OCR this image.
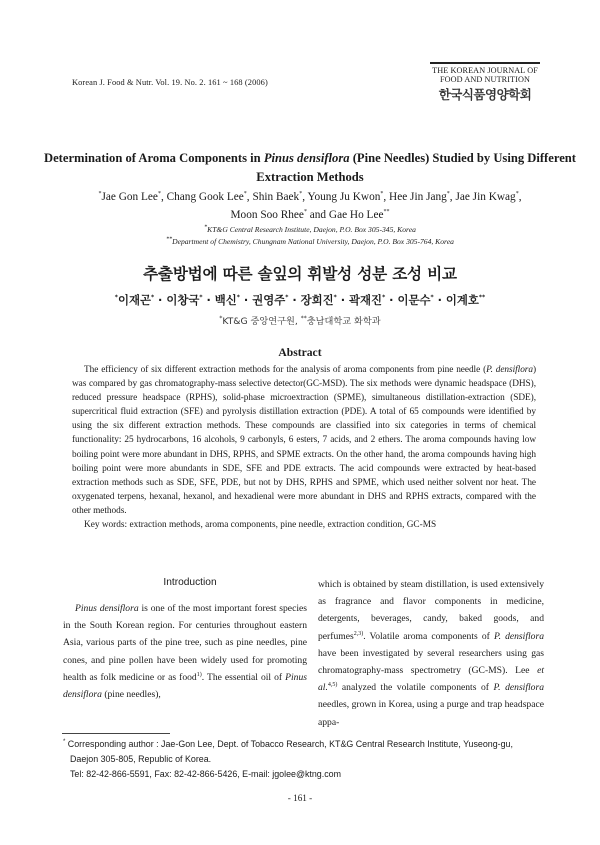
Korean J. Food & Nutr. Vol. 19. No. 2. 161 ~ 168 (2006)
THE KOREAN JOURNAL OF
FOOD AND NUTRITION
한국식품영양학회
Determination of Aroma Components in Pinus densiflora (Pine Needles) Studied by Using Different Extraction Methods
*Jae Gon Lee*, Chang Gook Lee*, Shin Baek*, Young Ju Kwon*, Hee Jin Jang*, Jae Jin Kwag*,
Moon Soo Rhee* and Gae Ho Lee**
*KT&G Central Research Institute, Daejon, P.O. Box 305-345, Korea
**Department of Chemistry, Chungnam National University, Daejon, P.O. Box 305-764, Korea
추출방법에 따른 솔잎의 휘발성 성분 조성 비교
*이재곤* · 이창국* · 백신* · 권영주* · 장희진* · 곽재진* · 이문수* · 이계호**
*KT&G 중앙연구원, **충남대학교 화학과
Abstract
The efficiency of six different extraction methods for the analysis of aroma components from pine needle (P. densiflora) was compared by gas chromatography-mass selective detector(GC-MSD). The six methods were dynamic headspace (DHS), reduced pressure headspace (RPHS), solid-phase microextraction (SPME), simultaneous distillation-extraction (SDE), supercritical fluid extraction (SFE) and pyrolysis distillation extraction (PDE). A total of 65 compounds were identified by using the six different extraction methods. These compounds are classified into six categories in terms of chemical functionality: 25 hydrocarbons, 16 alcohols, 9 carbonyls, 6 esters, 7 acids, and 2 ethers. The aroma compounds having low boiling point were more abundant in DHS, RPHS, and SPME extracts. On the other hand, the aroma compounds having high boiling point were more abundants in SDE, SFE and PDE extracts. The acid compounds were extracted by heat-based extraction methods such as SDE, SFE, PDE, but not by DHS, RPHS and SPME, which used neither solvent nor heat. The oxygenated terpens, hexanal, hexanol, and hexadienal were more abundant in DHS and RPHS extracts, compared with the other methods.
Key words: extraction methods, aroma components, pine needle, extraction condition, GC-MS
Introduction
Pinus densiflora is one of the most important forest species in the South Korean region. For centuries throughout eastern Asia, various parts of the pine tree, such as pine needles, pine cones, and pine pollen have been widely used for promoting health as folk medicine or as food$^{1)}$. The essential oil of Pinus densiflora (pine needles),
which is obtained by steam distillation, is used extensively as fragrance and flavor components in medicine, detergents, beverages, candy, baked goods, and perfumes$^{2,3)}$. Volatile aroma components of P. densiflora have been investigated by several researchers using gas chromatography-mass spectrometry (GC-MS). Lee et al.$^{4,5)}$ analyzed the volatile components of P. densiflora needles, grown in Korea, using a purge and trap headspace appa-
* Corresponding author : Jae-Gon Lee, Dept. of Tobacco Research, KT&G Central Research Institute, Yuseong-gu,
Daejon 305-805, Republic of Korea.
Tel: 82-42-866-5591, Fax: 82-42-866-5426, E-mail: jgolee@ktng.com
- 161 -
